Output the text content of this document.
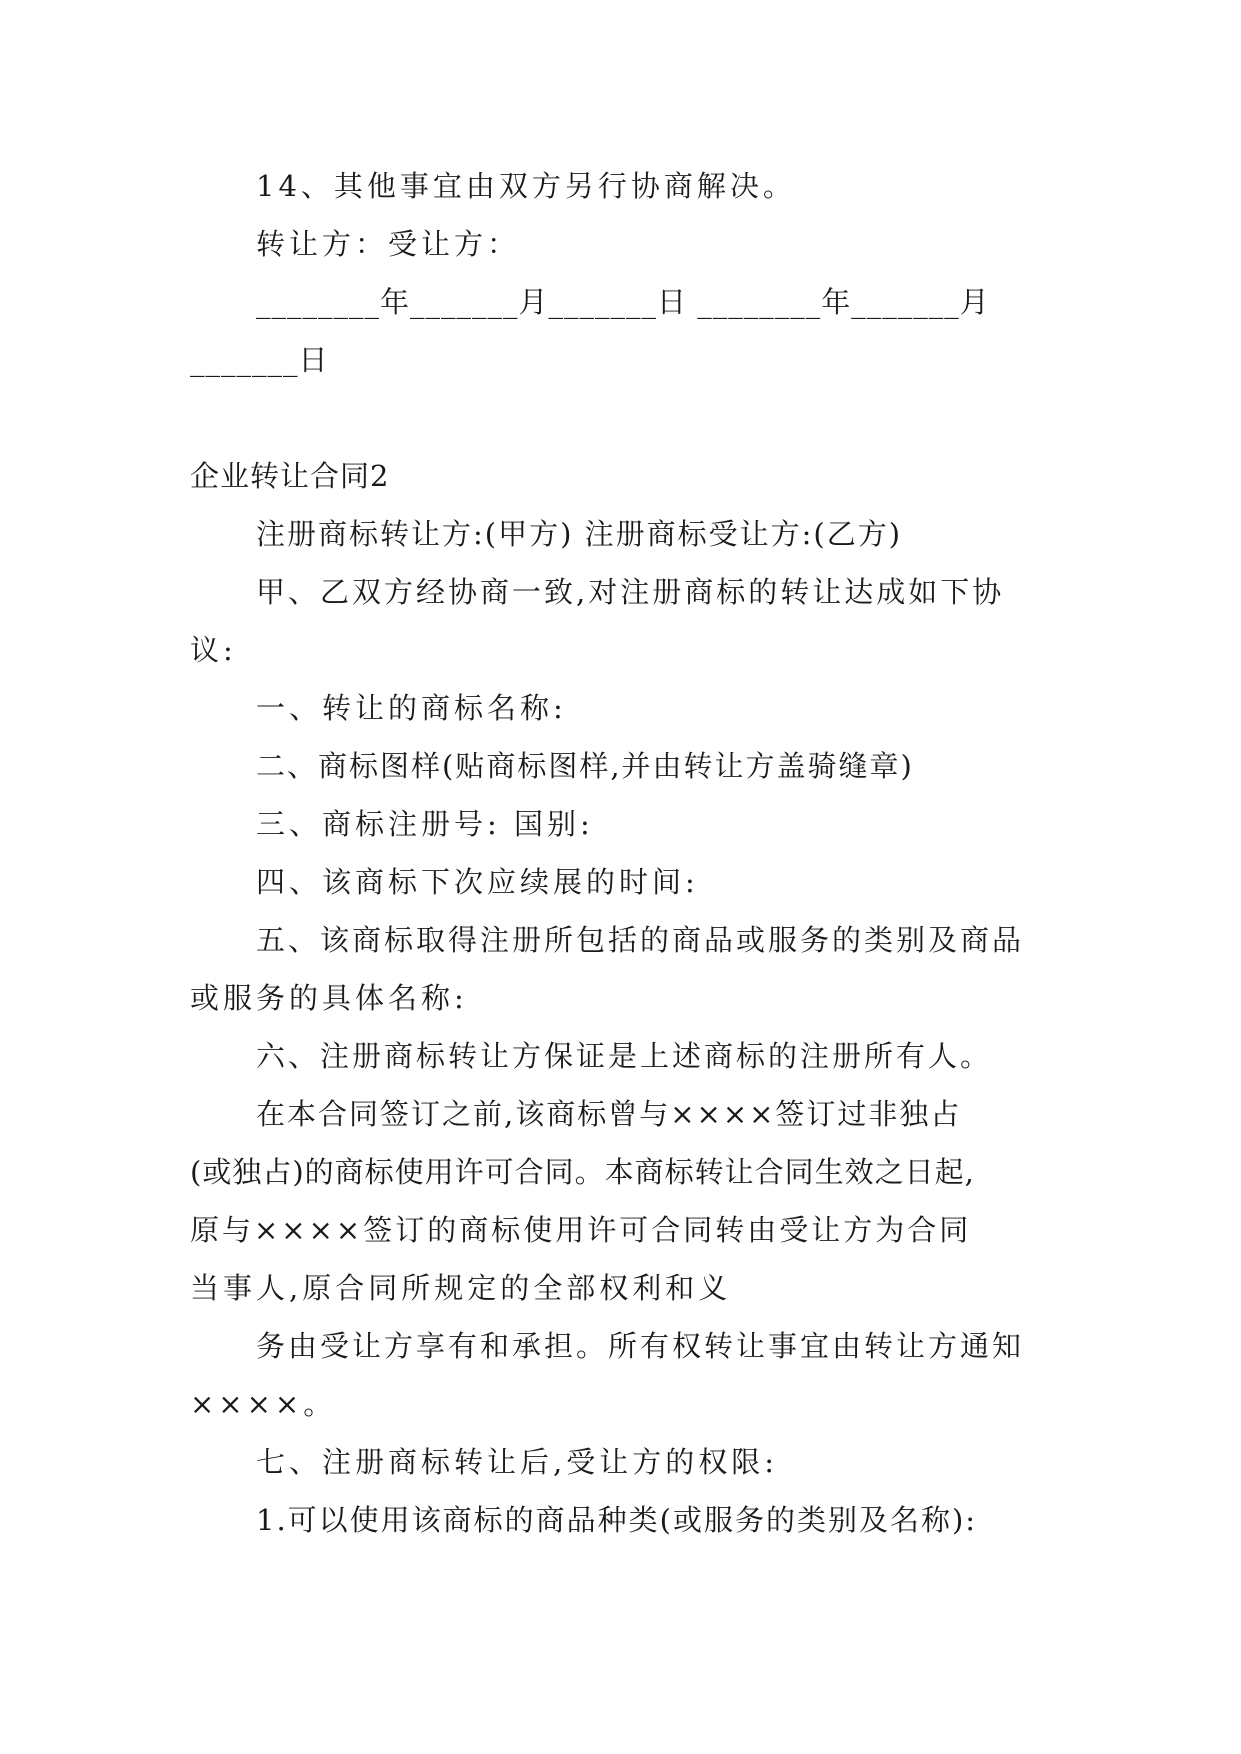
14、其他事宜由双方另行协商解决。
转让方：受让方：
________年_______月_______日 ________年_______月
_______日
企业转让合同2
注册商标转让方:(甲方) 注册商标受让方:(乙方)
甲、乙双方经协商一致,对注册商标的转让达成如下协
议:
一、转让的商标名称:
二、商标图样(贴商标图样,并由转让方盖骑缝章)
三、商标注册号: 国别:
四、该商标下次应续展的时间:
五、该商标取得注册所包括的商品或服务的类别及商品
或服务的具体名称:
六、注册商标转让方保证是上述商标的注册所有人。
在本合同签订之前,该商标曾与××××签订过非独占
(或独占)的商标使用许可合同。本商标转让合同生效之日起,
原与××××签订的商标使用许可合同转由受让方为合同
当事人,原合同所规定的全部权利和义
务由受让方享有和承担。所有权转让事宜由转让方通知
××××。
七、注册商标转让后,受让方的权限:
1.可以使用该商标的商品种类(或服务的类别及名称):
